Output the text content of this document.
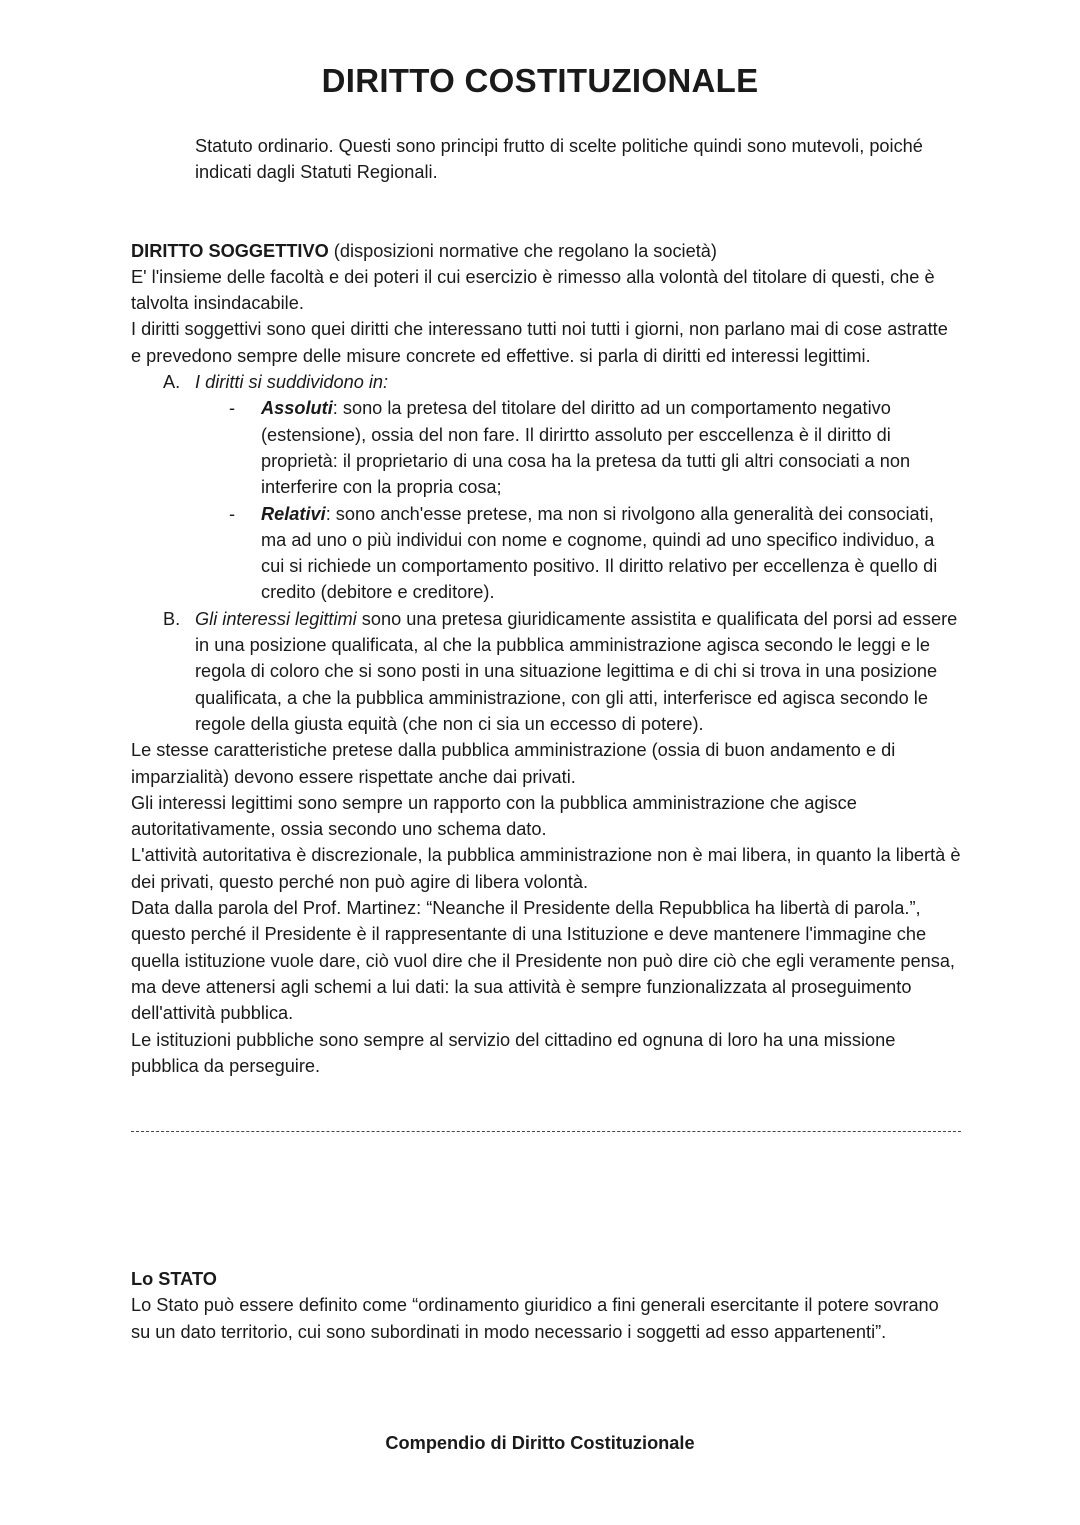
DIRITTO COSTITUZIONALE

Statuto ordinario. Questi sono principi frutto di scelte politiche quindi sono mutevoli, poiché indicati dagli Statuti Regionali.

DIRITTO SOGGETTIVO (disposizioni normative che regolano la società)

E' l'insieme delle facoltà e dei poteri il cui esercizio è rimesso alla volontà del titolare di questi, che è talvolta insindacabile.

I diritti soggettivi sono quei diritti che interessano tutti noi tutti i giorni, non parlano mai di cose astratte e prevedono sempre delle misure concrete ed effettive. si parla di diritti ed interessi legittimi.

A. I diritti si suddividono in:
-	Assoluti: sono la pretesa del titolare del diritto ad un comportamento negativo (estensione), ossia del non fare. Il dirirtto assoluto per esccellenza è il diritto di proprietà: il proprietario di una cosa ha la pretesa da tutti gli altri consociati a non interferire con la propria cosa;
-	Relativi: sono anch'esse pretese, ma non si rivolgono alla generalità dei consociati, ma ad uno o più individui con nome e cognome, quindi ad uno specifico individuo, a cui si richiede un comportamento positivo. Il diritto relativo per eccellenza è quello di credito (debitore e creditore).
B. Gli interessi legittimi sono una pretesa giuridicamente assistita e qualificata del porsi ad essere in una posizione qualificata, al che la pubblica amministrazione agisca secondo le leggi e le regola di coloro che si sono posti in una situazione legittima e di chi si trova in una posizione qualificata, a che la pubblica amministrazione, con gli atti, interferisce ed agisca secondo le regole della giusta equità (che non ci sia un eccesso di potere).

Le stesse caratteristiche pretese dalla pubblica amministrazione (ossia di buon andamento e di imparzialità) devono essere rispettate anche dai privati.

Gli interessi legittimi sono sempre un rapporto con la pubblica amministrazione che agisce autoritativamente, ossia secondo uno schema dato.

L'attività autoritativa è discrezionale, la pubblica amministrazione non è mai libera, in quanto la libertà è dei privati, questo perché non può agire di libera volontà.

Data dalla parola del Prof. Martinez: “Neanche il Presidente della Repubblica ha libertà di parola.”, questo perché il Presidente è il rappresentante di una Istituzione e deve mantenere l'immagine che quella istituzione vuole dare, ciò vuol dire che il Presidente non può dire ciò che egli veramente pensa, ma deve attenersi agli schemi a lui dati: la sua attività è sempre funzionalizzata al proseguimento dell'attività pubblica.

Le istituzioni pubbliche sono sempre al servizio del cittadino ed ognuna di loro ha una missione pubblica da perseguire.

Lo STATO

Lo Stato può essere definito come “ordinamento giuridico a fini generali esercitante il potere sovrano su un dato territorio, cui sono subordinati in modo necessario i soggetti ad esso appartenenti”.

Compendio di Diritto Costituzionale
